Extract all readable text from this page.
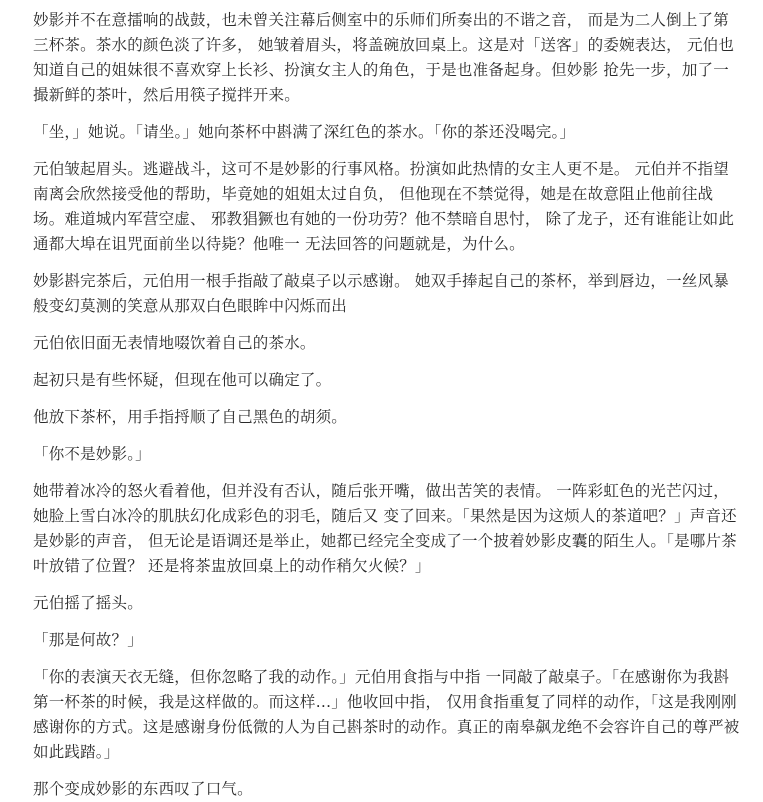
妙影并不在意擂响的战鼓，也未曾关注幕后侧室中的乐师们所奏出的不谐之音， 而是为二人倒上了第三杯茶。茶水的颜色淡了许多， 她皱着眉头，将盖碗放回桌上。这是对「送客」的委婉表达， 元伯也知道自己的姐妹很不喜欢穿上长衫、扮演女主人的角色，于是也准备起身。但妙影 抢先一步，加了一撮新鲜的茶叶，然后用筷子搅拌开来。

「坐，」她说。「请坐。」她向茶杯中斟满了深红色的茶水。「你的茶还没喝完。」

元伯皱起眉头。逃避战斗，这可不是妙影的行事风格。扮演如此热情的女主人更不是。 元伯并不指望南离会欣然接受他的帮助，毕竟她的姐姐太过自负， 但他现在不禁觉得，她是在故意阻止他前往战场。难道城内军营空虚、 邪教猖獗也有她的一份功劳？他不禁暗自思忖， 除了龙子，还有谁能让如此通都大埠在诅咒面前坐以待毙？他唯一 无法回答的问题就是，为什么。

妙影斟完茶后，元伯用一根手指敲了敲桌子以示感谢。 她双手捧起自己的茶杯，举到唇边，一丝风暴般变幻莫测的笑意从那双白色眼眸中闪烁而出

元伯依旧面无表情地啜饮着自己的茶水。

起初只是有些怀疑，但现在他可以确定了。

他放下茶杯，用手指捋顺了自己黑色的胡须。

「你不是妙影。」

她带着冰冷的怒火看着他，但并没有否认，随后张开嘴，做出苦笑的表情。 一阵彩虹色的光芒闪过，她脸上雪白冰冷的肌肤幻化成彩色的羽毛，随后又 变了回来。「果然是因为这烦人的茶道吧？」声音还是妙影的声音， 但无论是语调还是举止，她都已经完全变成了一个披着妙影皮囊的陌生人。「是哪片茶叶放错了位置？ 还是将茶盅放回桌上的动作稍欠火候？」

元伯摇了摇头。

「那是何故？」

「你的表演天衣无缝，但你忽略了我的动作。」元伯用食指与中指 一同敲了敲桌子。「在感谢你为我斟第一杯茶的时候，我是这样做的。而这样…」他收回中指， 仅用食指重复了同样的动作，「这是我刚刚感谢你的方式。这是感谢身份低微的人为自己斟茶时的动作。真正的南皋飙龙绝不会容许自己的尊严被 如此践踏。」

那个变成妙影的东西叹了口气。
